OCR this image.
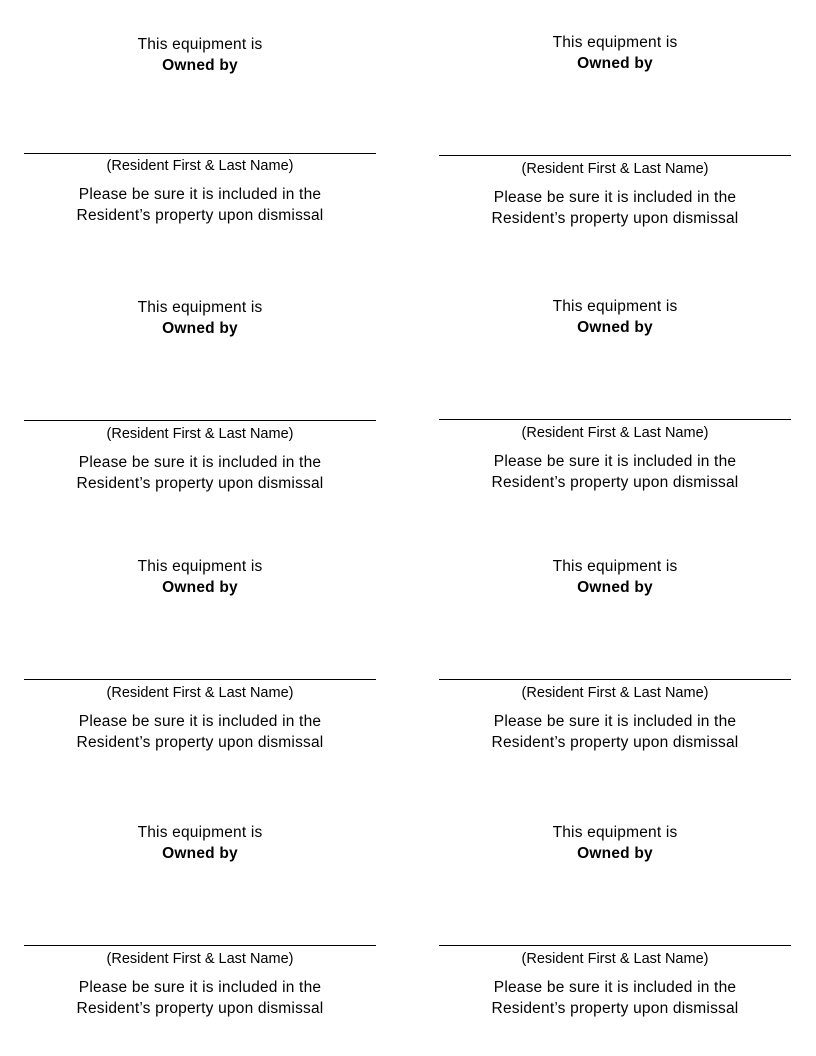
This equipment is
Owned by
(Resident First & Last Name)
Please be sure it is included in the
Resident’s property upon dismissal
This equipment is
Owned by
(Resident First & Last Name)
Please be sure it is included in the
Resident’s property upon dismissal
This equipment is
Owned by
(Resident First & Last Name)
Please be sure it is included in the
Resident’s property upon dismissal
This equipment is
Owned by
(Resident First & Last Name)
Please be sure it is included in the
Resident’s property upon dismissal
This equipment is
Owned by
(Resident First & Last Name)
Please be sure it is included in the
Resident’s property upon dismissal
This equipment is
Owned by
(Resident First & Last Name)
Please be sure it is included in the
Resident’s property upon dismissal
This equipment is
Owned by
(Resident First & Last Name)
Please be sure it is included in the
Resident’s property upon dismissal
This equipment is
Owned by
(Resident First & Last Name)
Please be sure it is included in the
Resident’s property upon dismissal
